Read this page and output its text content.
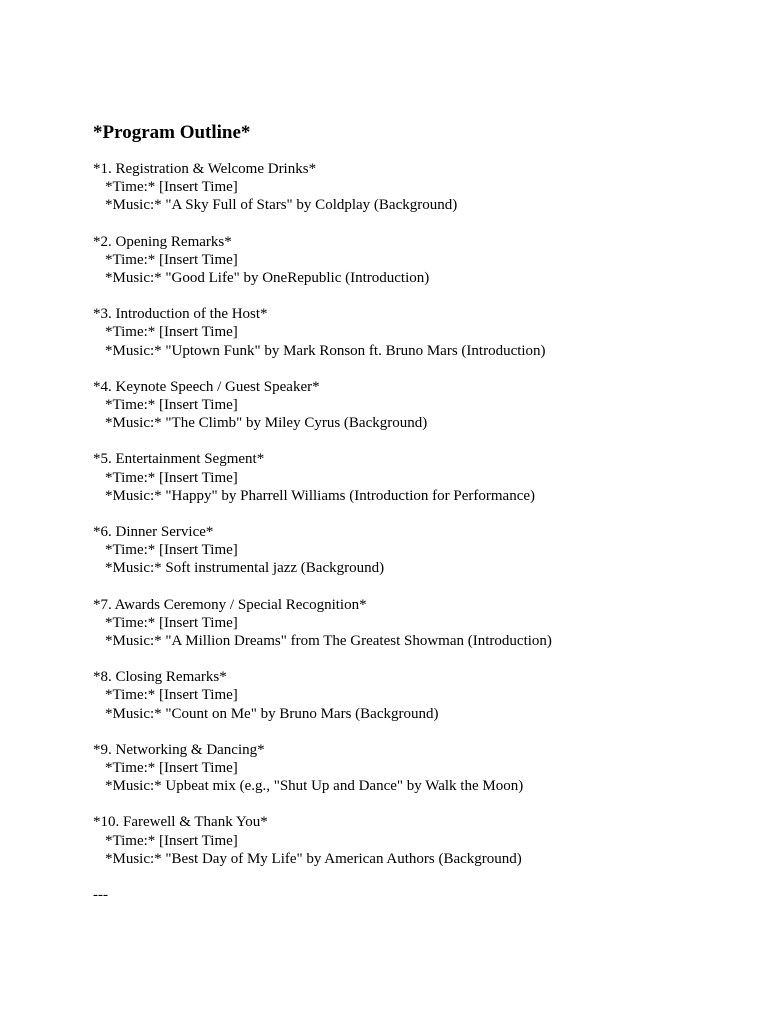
*Program Outline*
*1. Registration & Welcome Drinks*
*Time:* [Insert Time]
*Music:* "A Sky Full of Stars" by Coldplay (Background)
*2. Opening Remarks*
*Time:* [Insert Time]
*Music:* "Good Life" by OneRepublic (Introduction)
*3. Introduction of the Host*
*Time:* [Insert Time]
*Music:* "Uptown Funk" by Mark Ronson ft. Bruno Mars (Introduction)
*4. Keynote Speech / Guest Speaker*
*Time:* [Insert Time]
*Music:* "The Climb" by Miley Cyrus (Background)
*5. Entertainment Segment*
*Time:* [Insert Time]
*Music:* "Happy" by Pharrell Williams (Introduction for Performance)
*6. Dinner Service*
*Time:* [Insert Time]
*Music:* Soft instrumental jazz (Background)
*7. Awards Ceremony / Special Recognition*
*Time:* [Insert Time]
*Music:* "A Million Dreams" from The Greatest Showman (Introduction)
*8. Closing Remarks*
*Time:* [Insert Time]
*Music:* "Count on Me" by Bruno Mars (Background)
*9. Networking & Dancing*
*Time:* [Insert Time]
*Music:* Upbeat mix (e.g., "Shut Up and Dance" by Walk the Moon)
*10. Farewell & Thank You*
*Time:* [Insert Time]
*Music:* "Best Day of My Life" by American Authors (Background)
---
